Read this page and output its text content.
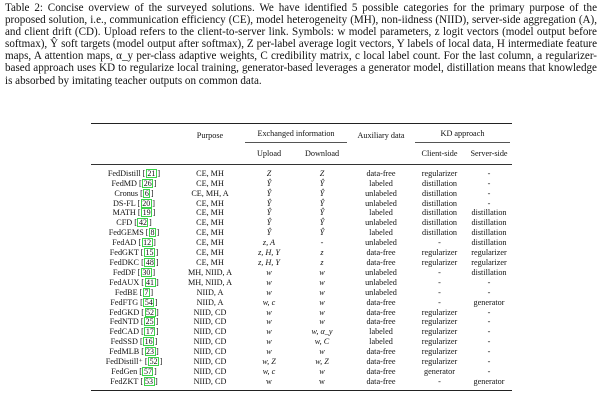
Table 2: Concise overview of the surveyed solutions. We have identified 5 possible categories for the primary purpose of the proposed solution, i.e., communication efficiency (CE), model heterogeneity (MH), non-iidness (NIID), server-side aggregation (A), and client drift (CD). Upload refers to the client-to-server link. Symbols: w model parameters, z logit vectors (model output before softmax), Ŷ soft targets (model output after softmax), Z per-label average logit vectors, Y labels of local data, H intermediate feature maps, A attention maps, α_y per-class adaptive weights, C credibility matrix, c local label count. For the last column, a regularizer-based approach uses KD to regularize local training, generator-based leverages a generator model, distillation means that knowledge is absorbed by imitating teacher outputs on common data.

	Purpose	Exchanged information		Auxiliary data	KD approach	

		Upload	Download		Client-side	Server-side
FedDistill [ 21 ]	CE, MH	Z	Z	data-free	regularizer	-
FedMD [ 26 ]	CE, MH	Ŷ	Ŷ	labeled	distillation	-
Cronus [ 6 ]	CE, MH, A	Ŷ	Ŷ	unlabeled	distillation	-
DS-FL [ 20 ]	CE, MH	Ŷ	Ŷ	unlabeled	distillation	-
MATH [ 19 ]	CE, MH	Ŷ	Ŷ	labeled	distillation	distillation
CFD [ 42 ]	CE, MH	Ŷ	Ŷ	unlabeled	distillation	distillation
FedGEMS [ 8 ]	CE, MH	Ŷ	Ŷ	labeled	distillation	distillation
FedAD [ 12 ]	CE, MH	z, A	-	unlabeled	-	distillation
FedGKT [ 15 ]	CE, MH	z, H, Y	z	data-free	regularizer	regularizer
FedDKC [ 48 ]	CE, MH	z, H, Y	z	data-free	regularizer	regularizer
FedDF [ 30 ]	MH, NIID, A	w	w	unlabeled	-	distillation
FedAUX [ 41 ]	MH, NIID, A	w	w	unlabeled	-	-
FedBE [ 7 ]	NIID, A	w	w	unlabeled	-	-
FedFTG [ 54 ]	NIID, A	w, c	w	data-free	-	generator
FedGKD [ 52 ]	NIID, CD	w	w	data-free	regularizer	-
FedNTD [ 25 ]	NIID, CD	w	w	data-free	regularizer	-
FedCAD [ 17 ]	NIID, CD	w	w, α_y	labeled	regularizer	-
FedSSD [ 16 ]	NIID, CD	w	w, C	labeled	regularizer	-
FedMLB [ 23 ]	NIID, CD	w	w	data-free	regularizer	-
FedDistill⁺ [ 52 ]	NIID, CD	w, Z	w, Z	data-free	regularizer	-
FedGen [ 57 ]	NIID, CD	w, c	w	data-free	generator	-
FedZKT [ 53 ]	NIID, CD	w	w	data-free	-	generator
